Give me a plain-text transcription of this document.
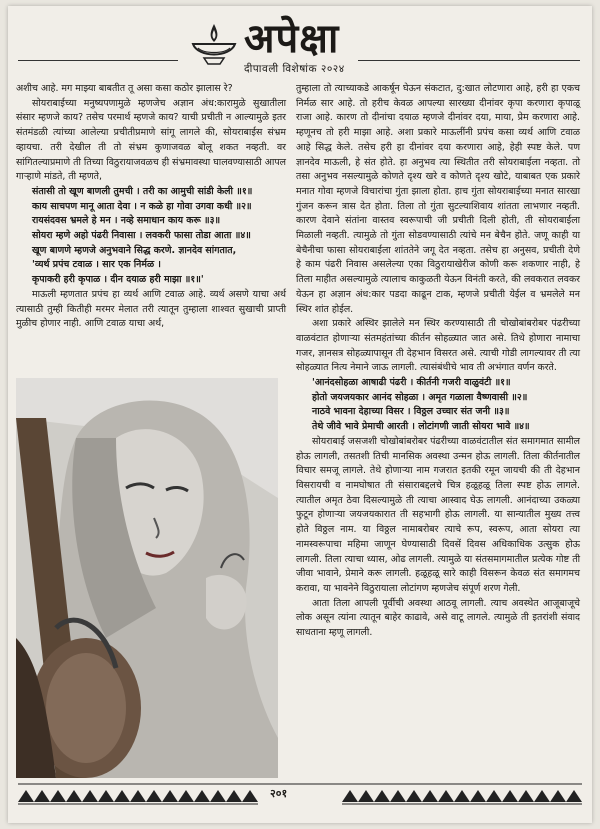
अपेक्षा
दीपावली विशेषांक २०२४

अशीच आहे. मग माझ्या बाबतीत तू असा कसा कठोर झालास रे?

सोयराबाईच्या मनुष्यपणामुळे म्हणजेच अज्ञान अंध:कारामुळे सुखातीला संसार म्हणजे काय? तसेच परमार्थ म्हणजे काय? याची प्रचीती न आल्यामुळे इतर संतमंडळी त्यांच्या आलेल्या प्रचीतीप्रमाणे सांगू लागले की, सोयराबाईस संभ्रम व्हायचा. तरी देखील ती तो संभ्रम कुणाजवळ बोलू शकत नव्हती. वर सांगितल्याप्रमाणे ती तिच्या विठुरायाजवळच ही संभ्रमावस्था घालवण्यासाठी आपल गाऱ्हाणे मांडते, ती म्हणते,

संतासी तो खूण बाणली तुमची । तरी का आमुची सांडी केली ॥१॥

काय साचपण मानू आता देवा । न कळे हा गोवा उगवा कधी ॥२॥

रायसंदवस भ्रमले हे मन । नव्हे समाधान काय करू ॥३॥

सोयरा म्हणे अहो पंढरी निवासा । लवकरी फासा तोडा आता ॥४॥

खूण बाणणे म्हणजे अनुभवाने सिद्ध करणे. ज्ञानदेव सांगतात,

'व्यर्थ प्रपंच टवाळ । सार एक निर्मळ ।

कृपाकरी हरी कृपाळ । दीन दयाळ हरी माझा ॥१॥'

माऊली म्हणतात प्रपंच हा व्यर्थ आणि टवाळ आहे. व्यर्थ असणे याचा अर्थ त्यासाठी तुम्ही कितीही मरमर मेलात तरी त्यातून तुम्हाला शाश्वत सुखाची प्राप्ती मुळीच होणार नाही. आणि टवाळ याचा अर्थ,

तुम्हाला तो त्याच्याकडे आकर्षून घेऊन संकटात, दु:खात लोटणारा आहे, हरी हा एकच निर्मळ सार आहे. तो हरीच केवळ आपल्या सारख्या दीनांवर कृपा करणारा कृपाळू राजा आहे. कारण तो दीनांचा दयाळ म्हणजे दीनांवर दया, माया, प्रेम करणारा आहे. म्हणूनच तो हरी माझा आहे. अशा प्रकारे माऊलींनी प्रपंच कसा व्यर्थ आणि टवाळ आहे सिद्ध केले. तसेच हरी हा दीनांवर दया करणारा आहे, हेही स्पष्ट केले. पण ज्ञानदेव माऊली, हे संत होते. हा अनुभव त्या स्थितीत तरी सोयराबाईला नव्हता. तो तसा अनुभव नसल्यामुळे कोणते दृश्य खरे व कोणते दृश्य खोटे, याबाबत एक प्रकारे मनात गोवा म्हणजे विचारांचा गुंता झाला होता. हाच गुंता सोयराबाईच्या मनात सारखा गुंजन करून त्रास देत होता. तिला तो गुंता सुटल्याशिवाय शांतता लाभणार नव्हती. कारण देवाने संतांना वास्तव स्वरूपाची जी प्रचीती दिली होती, ती सोयराबाईला मिळाली नव्हती. त्यामुळे तो गुंता सोडवण्यासाठी त्यांचे मन बेचैन होते. जणू काही या बेचैनीचा फासा सोयराबाईला शांततेने जगू देत नव्हता. तसेच हा अनुसव, प्रचीती देणे हे काम पंढरी निवास असलेल्या एका विठुरायाखेरीज कोणी करू शकणार नाही, हे तिला माहीत असल्यामुळे त्यालाच काकुळती येऊन विनंती करते, की लवकरात लवकर येऊन हा अज्ञान अंध:कार पडदा काढून टाक, म्हणजे प्रचीती येईल व भ्रमलेले मन स्थिर शांत होईल.

अशा प्रकारे अस्थिर झालेले मन स्थिर करण्यासाठी ती चोखोबांबरोबर पंढरीच्या वाळवंटात होणाऱ्या संतमहंतांच्या कीर्तन सोहळ्यात जात असे. तिथे होणारा नामाचा गजर, ज्ञानसत्र सोहळ्यापासून ती देहभान विसरत असे. त्याची गोडी लागल्यावर ती त्या सोहळ्यात नित्य नेमाने जाऊ लागली. त्यासंबंधीचे भाव ती अभंगात वर्णन करते.

'आनंदसोहळा आषाढी पंढरी । कीर्तनी गजरी वाळुवंटी ॥१॥

होतो जयजयकार आनंद सोहळा । अमृत गळाला वैष्णवासी ॥२॥

नाठवे भावना देहाच्या विसर । विठ्ठल उच्चार संत जनी ॥३॥

तेथे जीवे भावे प्रेमाची आरती । लोटांगणी जाती सोयरा भावे ॥४॥

सोयराबाई जसजशी चोखोबांबरोबर पंढरीच्या वाळवंटातील संत समागमात सामील होऊ लागली, तसतशी तिची मानसिक अवस्था उन्मन होऊ लागली. तिला कीर्तनातील विचार समजू लागले. तेथे होणाऱ्या नाम गजरात इतकी रमून जायची की ती देहभान विसरायची व नामघोषात ती संसाराबद्दलचे चित्र हळूहळू तिला स्पष्ट होऊ लागले. त्यातील अमृत ठेवा दिसल्यामुळे ती त्याचा आस्वाद घेऊ लागली. आनंदाच्या उकळ्या फुटून होणाऱ्या जयजयकारात ती सहभागी होऊ लागली. या सान्यातील मुख्य तत्त्व होते विठ्ठल नाम. या विठ्ठल नामाबरोबर त्याचे रूप, स्वरूप, आता सोयरा त्या नामस्वरूपाचा महिमा जाणून घेण्यासाठी दिवसें दिवस अधिकाधिक उत्सुक होऊ लागली. तिला त्याचा ध्यास, ओढ लागली. त्यामुळे या संतसमागमातील प्रत्येक गोष्ट ती जीवा भावाने, प्रेमाने करू लागली. हळूहळू सारे काही विसरून केवळ संत समागमच करावा, या भावनेने विठुरायाला लोटांगण म्हणजेच संपूर्ण शरण गेली.

आता तिला आपली पूर्वीची अवस्था आठवू लागली. त्याच अवस्थेत आजूबाजूचे लोक असून त्यांना त्यातून बाहेर काढावे, असे वाटू लागले. त्यामुळे ती इतरांशी संवाद साधताना म्हणू लागली.

२०१
